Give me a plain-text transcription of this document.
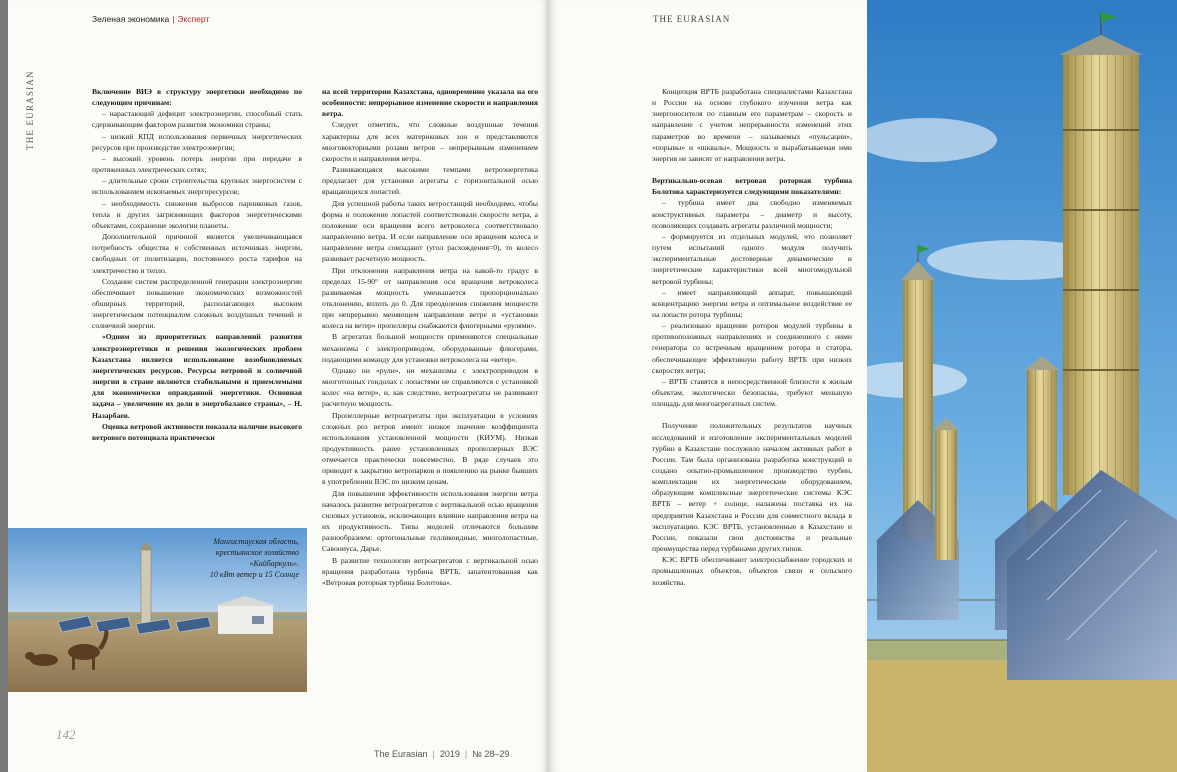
Зеленая экономика | Эксперт
THE EURASIAN	Включение ВИЭ в структуру энергетики необходимо по следующим причинам:

– нарастающий дефицит электроэнергии, способный стать сдерживающим фактором развития экономики страны;

– низкий КПД использования первичных энергетических ресурсов при производстве электроэнергии;

– высокий уровень потерь энергии при передаче в протяженных электрических сетях;

– длительные сроки строительства крупных энергосистем с использованием ископаемых энергоресурсов;

– необходимость снижения выбросов парниковых газов, тепла и других загрязняющих факторов энергетическими объектами, сохранение экологии планеты.

Дополнительной причиной является увеличивающаяся потребность общества в собственных источниках энергии, свободных от политизации, постоянного роста тарифов на электричество и тепло.

Создание систем распределенной генерации электроэнергии обеспечивает повышение экономических возможностей обширных территорий, располагающих высоким энергетическим потенциалом сложных воздушных течений и солнечной энергии.

«Одним из приоритетных направлений развития электроэнергетики и решения экологических проблем Казахстана является использование возобновляемых энергетических ресурсов. Ресурсы ветровой и солнечной энергии в стране являются стабильными и приемлемыми для экономически оправданной энергетики. Основная задача – увеличение их доли в энергобалансе страны», – Н. Назарбаев.

Оценка ветровой активности показала наличие высокого ветрового потенциала практически

на всей территории Казахстана, одновременно указала на его особенности: непрерывное изменение скорости и направления ветра.

Следует отметить, что сложные воздушные течения характерны для всех материковых зон и представляются многовекторными розами ветров – непрерывным изменением скорости и направления ветра.

Развивающаяся высокими темпами ветроэнергетика предлагает для установки агрегаты с горизонтальной осью вращающихся лопастей.

Для успешной работы таких ветростанций необходимо, чтобы форма и положение лопастей соответствовали скорости ветра, а положение оси вращения всего ветроколеса соответствовало направлению ветра. И если направление оси вращения колеса и направление ветра совпадают (угол расхождения=0), то колесо развивает расчетную мощность.

При отклонении направления ветра на какой-то градус в пределах 15-90° от направления оси вращения ветроколеса развиваемая мощность уменьшается пропорционально отклонению, вплоть до 0. Для преодоления снижения мощности при непрерывно меняющем направление ветре и «установки колеса на ветер» пропеллеры снабжаются флюгерными «рулями».

В агрегатах большой мощности применяются специальные механизмы с электроприводом, оборудованные флюгерами, подающими команду для установки ветроколеса на «ветер».

Однако ни «рули», ни механизмы с электроприводом в многотонных гондолах с лопастями не справляются с установкой колес «на ветер», и, как следствие, ветроагрегаты не развивают расчетную мощность.

Пропеллерные ветроагрегаты при эксплуатации в условиях сложных роз ветров имеют низкое значение коэффициента использования установленной мощности (КИУМ). Низкая продуктивность ранее установленных пропеллерных ВЭС отмечается практически повсеместно. В ряде случаев это приводит к закрытию ветропарков и появлению на рынке бывших в употреблении ВЭС по низким ценам.

Для повышения эффективности использования энергии ветра началось развитие ветроагрегатов с вертикальной осью вращения силовых установок, исключающих влияние направления ветра на их продуктивность. Типы моделей отличаются большим разнообразием: ортогональные гелликоидные, многолопастные, Савониуса, Дарье.

В развитие технологии ветроагрегатов с вертикальной осью вращения разработана турбина ВРТБ, запатентованная как «Ветровая роторная турбина Болотова».

Мангистауская область,
крестьянское хозяйство
«Кайбаркуль».
10 кВт ветер и 15 Солнце
142
THE EURASIAN

Концепция ВРТБ разработана специалистами Казахстана и России на основе глубокого изучения ветра как энергоносителя по главным его параметрам – скорость и направление с учетом непрерывности изменений этих параметров во времени – называемых «пульсации», «порывы» и «шквалы». Мощность и вырабатываемая ими энергия не зависят от направления ветра.

Вертикально-осевая ветровая роторная турбина Болотова характеризуется следующими показателями:

– турбина имеет два свободно изменяемых конструктивных параметра – диаметр и высоту, позволяющих создавать агрегаты различной мощности;

– формируется из отдельных модулей, что позволяет путем испытаний одного модуля получить экспериментальные достоверные динамические и энергетические характеристики всей многомодульной ветровой турбины;

– имеет направляющий аппарат, повышающий концентрацию энергии ветра и оптимальное воздействие ее на лопасти ротора турбины;

– реализовано вращение роторов модулей турбины в противоположных направлениях и соединенного с ними генератора со встречным вращением ротора и статора, обеспечивающее эффективную работу ВРТБ при низких скоростях ветра;

– ВРТБ ставятся в непосредственной близости к жилым объектам, экологически безопасны, требуют меньшую площадь для многоагрегатных систем.

Получение положительных результатов научных исследований и изготовление экспериментальных моделей турбин в Казахстане послужило началом активных работ в России. Там была организована разработка конструкций и создано опытно-промышленное производство турбин, комплектация их энергетическим оборудованием, образующим комплексные энергетические системы КЭС ВРТБ – ветер + солнце, налажена поставка их на предприятия Казахстана и России для совместного вклада в эксплуатацию. КЭС ВРТБ, установленные в Казахстане и России, показали свои достоинства и реальные преимущества перед турбинами других типов.

КЭС ВРТБ обеспечивают электроснабжение городских и промышленных объектов, объектов связи и сельского хозяйства.

The Eurasian | 2019 | № 28–29
